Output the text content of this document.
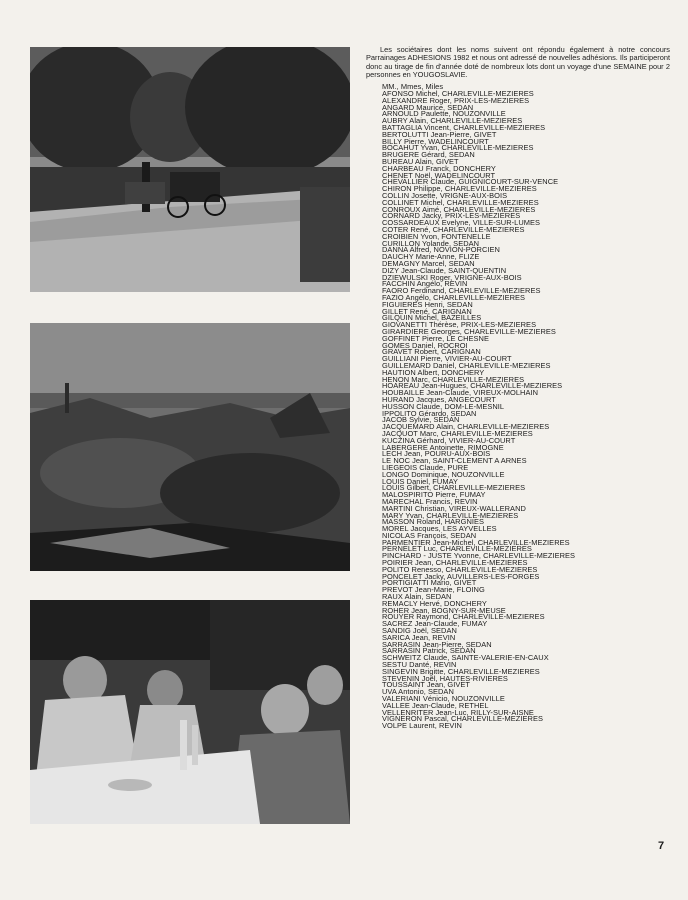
Les sociétaires dont les noms suivent ont répondu également à notre concours Parrainages ADHESIONS 1982 et nous ont adressé de nouvelles adhésions. Ils participeront donc au tirage de fin d'année doté de nombreux lots dont un voyage d'une SEMAINE pour 2 personnes en YOUGOSLAVIE.

MM., Mmes, Miles
AFONSO Michel, CHARLEVILLE-MEZIERES
ALEXANDRE Roger, PRIX-LES-MEZIERES
ANGARD Maurice, SEDAN
ARNOULD Paulette, NOUZONVILLE
AUBRY Alain, CHARLEVILLE-MEZIERES
BATTAGLIA Vincent, CHARLEVILLE-MEZIERES
BERTOLUTTI Jean-Pierre, GIVET
BILLY Pierre, WADELINCOURT
BOCAHUT Yvan, CHARLEVILLE-MEZIERES
BRUGERE Gérard, SEDAN
BUREAU Alain, GIVET
CHARBEAU Franck, DONCHERY
CHENET Noël, WADELINCOURT
CHEVALLIER Claude, GUIGNICOURT-SUR-VENCE
CHIRON Philippe, CHARLEVILLE-MEZIERES
COLLIN Josette, VRIGNE-AUX-BOIS
COLLINET Michel, CHARLEVILLE-MEZIERES
CONROUX Aimé, CHARLEVILLE-MEZIERES
CORNARD Jacky, PRIX-LES-MEZIERES
COSSARDEAUX Evelyne, VILLE-SUR-LUMES
COTER René, CHARLEVILLE-MEZIERES
CROIBIEN Yvon, FONTENELLE
CURILLON Yolande, SEDAN
DANNA Alfred, NOVION-PORCIEN
DAUCHY Marie-Anne, FLIZE
DEMAGNY Marcel, SEDAN
DIZY Jean-Claude, SAINT-QUENTIN
DZIEWULSKI Roger, VRIGNE-AUX-BOIS
FACCHIN Angélo, REVIN
FAORO Ferdinand, CHARLEVILLE-MEZIERES
FAZIO Angélo, CHARLEVILLE-MEZIERES
FIGUIERES Henri, SEDAN
GILLET René, CARIGNAN
GILQUIN Michel, BAZEILLES
GIOVANETTI Thérèse, PRIX-LES-MEZIERES
GIRARDIERE Georges, CHARLEVILLE-MEZIERES
GOFFINET Pierre, LE CHESNE
GOMES Daniel, ROCROI
GRAVET Robert, CARIGNAN
GUILLIANI Pierre, VIVIER-AU-COURT
GUILLEMARD Daniel, CHARLEVILLE-MEZIERES
HAUTION Albert, DONCHERY
HENON Marc, CHARLEVILLE-MEZIERES
HOAREAU Jean-Hugues, CHARLEVILLE-MEZIERES
HOUBAILLE Jean-Claude, VIREUX-MOLHAIN
HURAND Jacques, ANGECOURT
HUSSON Claude, DOM-LE-MESNIL
IPPOLITO Gérardo, SEDAN
JACOB Sylvie, SEDAN
JACQUEMARD Alain, CHARLEVILLE-MEZIERES
JACQUOT Marc, CHARLEVILLE-MEZIERES
KUCZINA Gérhard, VIVIER-AU-COURT
LABERGERE Antoinette, RIMOGNE
LECH Jean, POURU-AUX-BOIS
LE NOC Jean, SAINT-CLEMENT A ARNES
LIEGEOIS Claude, PURE
LONGO Dominique, NOUZONVILLE
LOUIS Daniel, FUMAY
LOUIS Gilbert, CHARLEVILLE-MEZIERES
MALOSPIRITO Pierre, FUMAY
MARECHAL Francis, REVIN
MARTINI Christian, VIREUX-WALLERAND
MARY Yvan, CHARLEVILLE-MEZIERES
MASSON Roland, HARGNIES
MOREL Jacques, LES AYVELLES
NICOLAS François, SEDAN
PARMENTIER Jean-Michel, CHARLEVILLE-MEZIERES
PERNELET Luc, CHARLEVILLE-MEZIERES
PINCHARD - JUSTE Yvonne, CHARLEVILLE-MEZIERES
POIRIER Jean, CHARLEVILLE-MEZIERES
POLITO Renesso, CHARLEVILLE-MEZIERES
PONCELET Jacky, AUVILLERS-LES-FORGES
PORTIGIATTI Mario, GIVET
PREVOT Jean-Marie, FLOING
RAUX Alain, SEDAN
REMACLY Hervé, DONCHERY
ROHER Jean, BOGNY-SUR-MEUSE
ROUYER Raymond, CHARLEVILLE-MEZIERES
SACREZ Jean-Claude, FUMAY
SANDIG Joël, SEDAN
SARICA Jean, REVIN
SARRASIN Jean-Pierre, SEDAN
SARRASIN Patrick, SEDAN
SCHWEITZ Claude, SAINTE-VALERIE-EN-CAUX
SESTU Danté, REVIN
SINGEVIN Brigitte, CHARLEVILLE-MEZIERES
STEVENIN Joël, HAUTES-RIVIERES
TOUSSAINT Jean, GIVET
UVA Antonio, SEDAN
VALERIANI Vénicio, NOUZONVILLE
VALLEE Jean-Claude, RETHEL
VELLENRITER Jean-Luc, RILLY-SUR-AISNE
VIGNERON Pascal, CHARLEVILLE-MEZIERES
VOLPE Laurent, REVIN
7
